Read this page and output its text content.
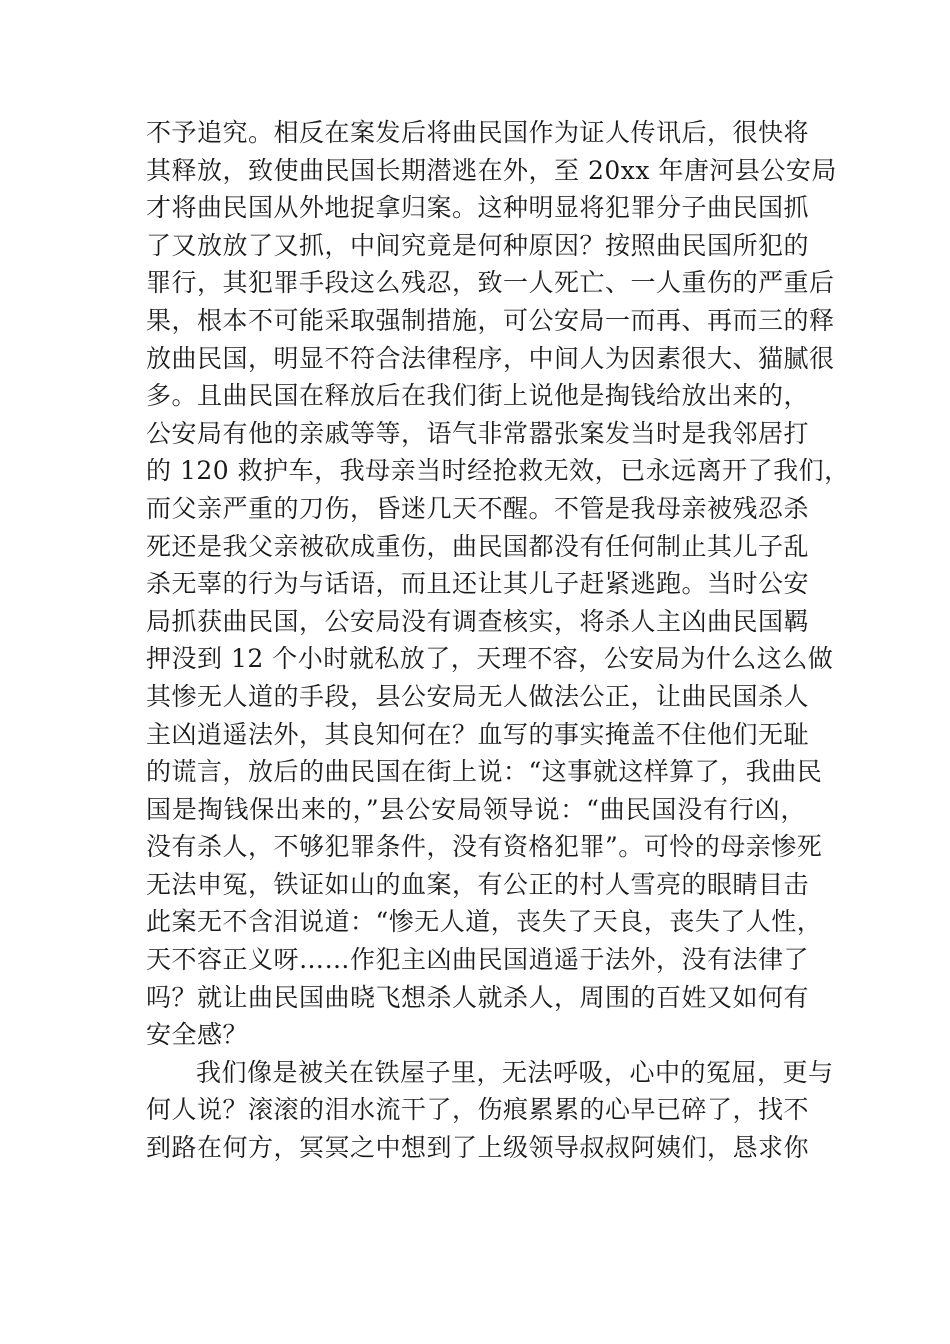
不予追究。相反在案发后将曲民国作为证人传讯后，很快将
其释放，致使曲民国长期潜逃在外，至 20xx 年唐河县公安局
才将曲民国从外地捉拿归案。这种明显将犯罪分子曲民国抓
了又放放了又抓，中间究竟是何种原因？按照曲民国所犯的
罪行，其犯罪手段这么残忍，致一人死亡、一人重伤的严重后
果，根本不可能采取强制措施，可公安局一而再、再而三的释
放曲民国，明显不符合法律程序，中间人为因素很大、猫腻很
多。且曲民国在释放后在我们街上说他是掏钱给放出来的，
公安局有他的亲戚等等，语气非常嚣张案发当时是我邻居打
的 120 救护车，我母亲当时经抢救无效，已永远离开了我们，
而父亲严重的刀伤，昏迷几天不醒。不管是我母亲被残忍杀
死还是我父亲被砍成重伤，曲民国都没有任何制止其儿子乱
杀无辜的行为与话语，而且还让其儿子赶紧逃跑。当时公安
局抓获曲民国，公安局没有调查核实，将杀人主凶曲民国羁
押没到 12 个小时就私放了，天理不容，公安局为什么这么做
其惨无人道的手段，县公安局无人做法公正，让曲民国杀人
主凶逍遥法外，其良知何在？血写的事实掩盖不住他们无耻
的谎言，放后的曲民国在街上说：“这事就这样算了，我曲民
国是掏钱保出来的，”县公安局领导说：“曲民国没有行凶，
没有杀人，不够犯罪条件，没有资格犯罪”。可怜的母亲惨死
无法申冤，铁证如山的血案，有公正的村人雪亮的眼睛目击
此案无不含泪说道：“惨无人道，丧失了天良，丧失了人性，
天不容正义呀……作犯主凶曲民国逍遥于法外，没有法律了
吗？就让曲民国曲晓飞想杀人就杀人，周围的百姓又如何有
安全感？
我们像是被关在铁屋子里，无法呼吸，心中的冤屈，更与
何人说？滚滚的泪水流干了，伤痕累累的心早已碎了，找不
到路在何方，冥冥之中想到了上级领导叔叔阿姨们，恳求你
